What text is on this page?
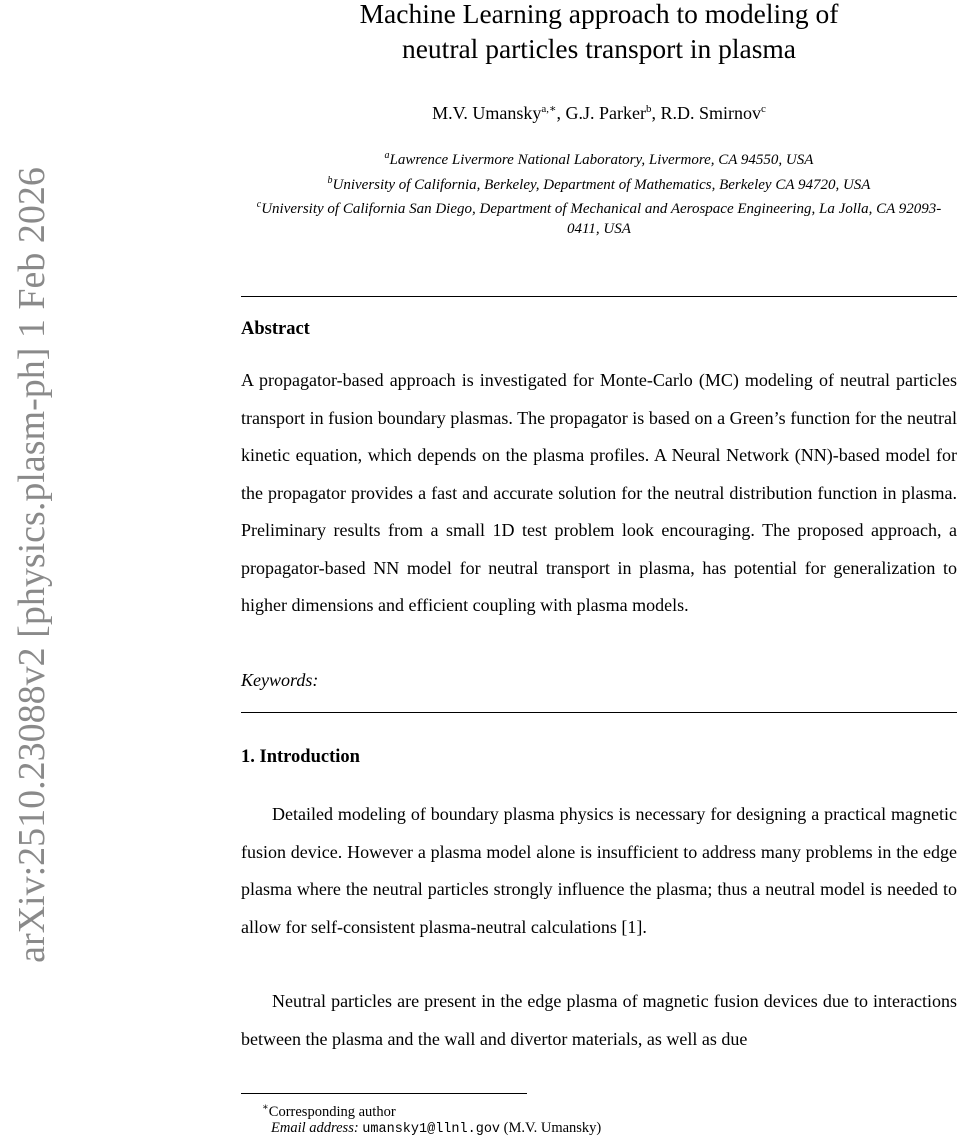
arXiv:2510.23088v2 [physics.plasm-ph] 1 Feb 2026
Machine Learning approach to modeling of
neutral particles transport in plasma
M.V. Umansky$^{a,∗}$, G.J. Parker$^b$, R.D. Smirnov$^c$
$^a$Lawrence Livermore National Laboratory, Livermore, CA 94550, USA
$^b$University of California, Berkeley, Department of Mathematics, Berkeley CA 94720, USA
$^c$University of California San Diego, Department of Mechanical and Aerospace Engineering, La Jolla, CA 92093-0411, USA
Abstract
A propagator-based approach is investigated for Monte-Carlo (MC) modeling of neutral particles transport in fusion boundary plasmas. The propagator is based on a Green’s function for the neutral kinetic equation, which depends on the plasma profiles. A Neural Network (NN)-based model for the propagator provides a fast and accurate solution for the neutral distribution function in plasma. Preliminary results from a small 1D test problem look encouraging. The proposed approach, a propagator-based NN model for neutral transport in plasma, has potential for generalization to higher dimensions and efficient coupling with plasma models.
Keywords:
1. Introduction
Detailed modeling of boundary plasma physics is necessary for designing a practical magnetic fusion device. However a plasma model alone is insufficient to address many problems in the edge plasma where the neutral particles strongly influence the plasma; thus a neutral model is needed to allow for self-consistent plasma-neutral calculations [1].
Neutral particles are present in the edge plasma of magnetic fusion devices due to interactions between the plasma and the wall and divertor materials, as well as due
∗Corresponding author
Email address: umansky1@llnl.gov (M.V. Umansky)
